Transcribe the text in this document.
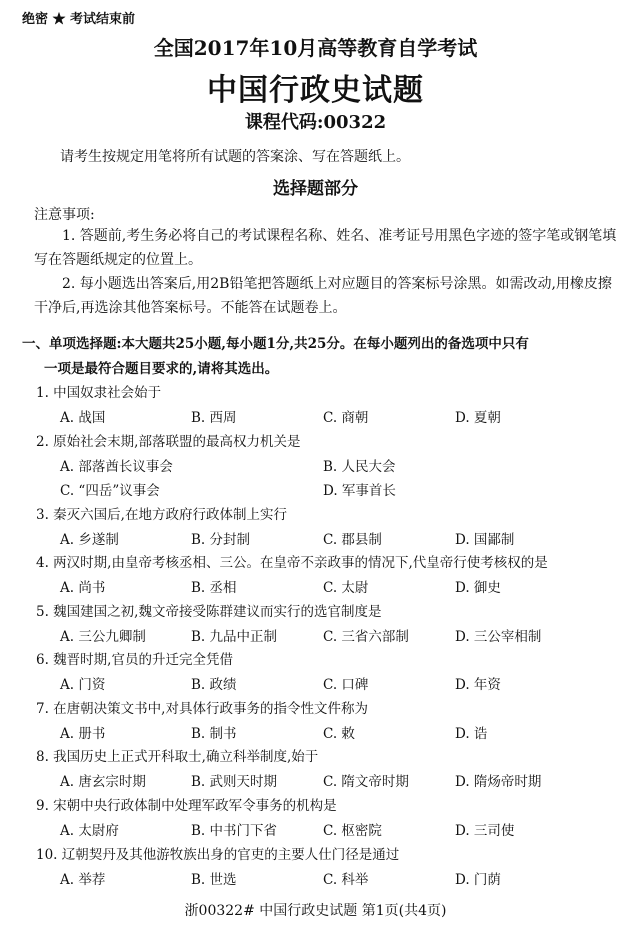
绝密 ★ 考试结束前
全国2017年10月高等教育自学考试
中国行政史试题
课程代码:00322
请考生按规定用笔将所有试题的答案涂、写在答题纸上。
选择题部分
注意事项:
1. 答题前,考生务必将自己的考试课程名称、姓名、准考证号用黑色字迹的签字笔或钢笔填写在答题纸规定的位置上。
2. 每小题选出答案后,用2B铅笔把答题纸上对应题目的答案标号涂黑。如需改动,用橡皮擦干净后,再选涂其他答案标号。不能答在试题卷上。
一、单项选择题:本大题共25小题,每小题1分,共25分。在每小题列出的备选项中只有
一项是最符合题目要求的,请将其选出。
1. 中国奴隶社会始于
A. 战国	B. 西周	C. 商朝	D. 夏朝
2. 原始社会末期,部落联盟的最高权力机关是
A. 部落酋长议事会	B. 人民大会
C. “四岳”议事会	D. 军事首长
3. 秦灭六国后,在地方政府行政体制上实行
A. 乡遂制	B. 分封制	C. 郡县制	D. 国鄙制
4. 两汉时期,由皇帝考核丞相、三公。在皇帝不亲政事的情况下,代皇帝行使考核权的是
A. 尚书	B. 丞相	C. 太尉	D. 御史
5. 魏国建国之初,魏文帝接受陈群建议而实行的选官制度是
A. 三公九卿制	B. 九品中正制	C. 三省六部制	D. 三公宰相制
6. 魏晋时期,官员的升迁完全凭借
A. 门资	B. 政绩	C. 口碑	D. 年资
7. 在唐朝决策文书中,对具体行政事务的指令性文件称为
A. 册书	B. 制书	C. 敕	D. 诰
8. 我国历史上正式开科取士,确立科举制度,始于
A. 唐玄宗时期	B. 武则天时期	C. 隋文帝时期	D. 隋炀帝时期
9. 宋朝中央行政体制中处理军政军令事务的机构是
A. 太尉府	B. 中书门下省	C. 枢密院	D. 三司使
10. 辽朝契丹及其他游牧族出身的官吏的主要人仕门径是通过
A. 举荐	B. 世选	C. 科举	D. 门荫
浙00322# 中国行政史试题 第1页(共4页)
